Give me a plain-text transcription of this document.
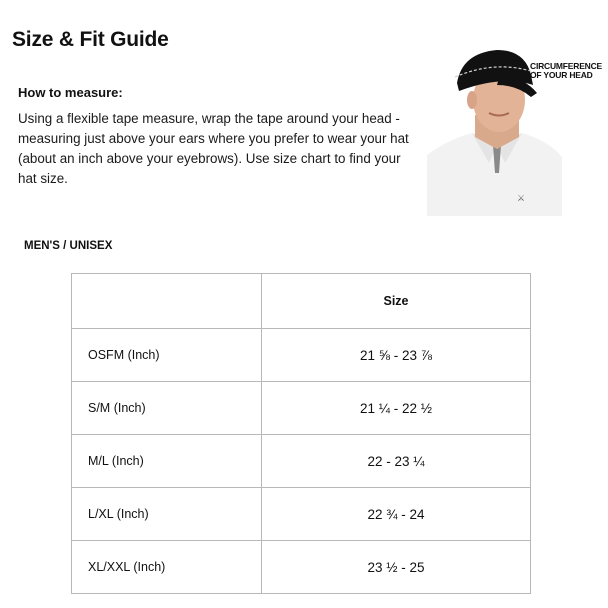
Size & Fit Guide
How to measure:
Using a flexible tape measure, wrap the tape around your head - measuring just above your ears where you prefer to wear your hat (about an inch above your eyebrows). Use size chart to find your hat size.
⚔
CIRCUMFERENCE
OF YOUR HEAD
MEN'S / UNISEX
	Size
OSFM (Inch)	21 ⅝ - 23 ⅞
S/M (Inch)	21 ¼ - 22 ½
M/L (Inch)	22 - 23 ¼
L/XL (Inch)	22 ¾ - 24
XL/XXL (Inch)	23 ½ - 25
